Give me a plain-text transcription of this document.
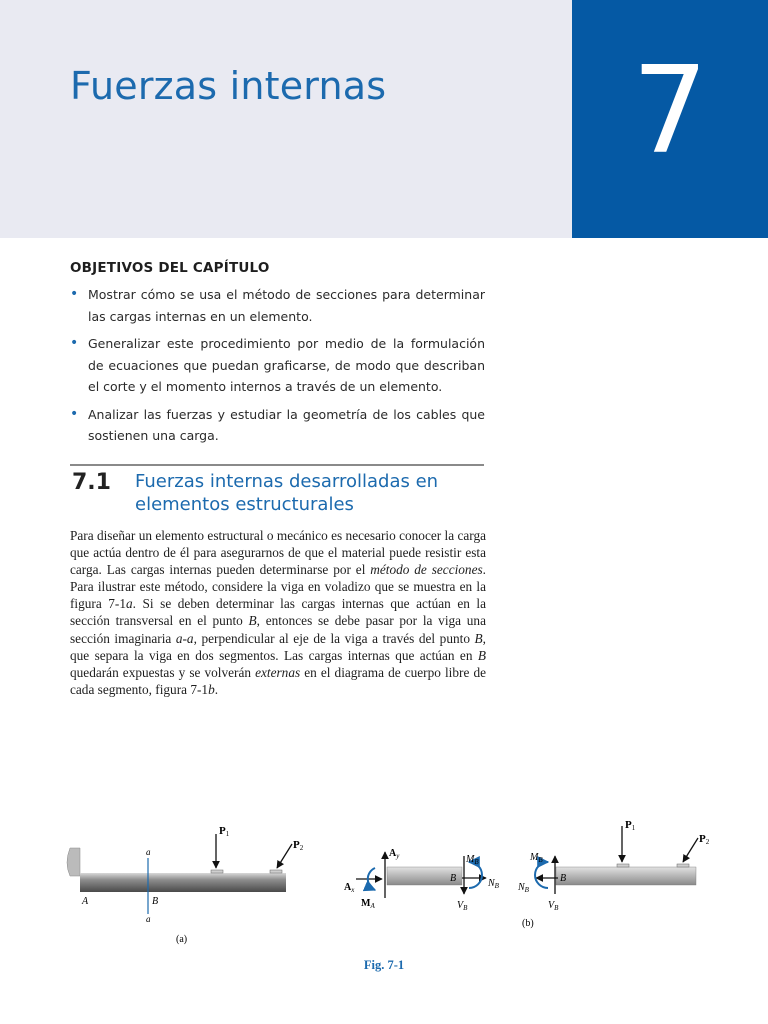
Fuerzas internas	7
OBJETIVOS DEL CAPÍTULO
• Mostrar cómo se usa el método de secciones para determinar las cargas internas en un elemento.
• Generalizar este procedimiento por medio de la formulación de ecuaciones que puedan graficarse, de modo que describan el corte y el momento internos a través de un elemento.
• Analizar las fuerzas y estudiar la geometría de los cables que sostienen una carga.
7.1 Fuerzas internas desarrolladas en elementos estructurales

Para diseñar un elemento estructural o mecánico es necesario conocer la carga que actúa dentro de él para asegurarnos de que el material puede resistir esta carga. Las cargas internas pueden determinarse por el método de secciones. Para ilustrar este método, considere la viga en voladizo que se muestra en la figura 7-1a. Si se deben determinar las cargas internas que actúan en la sección transversal en el punto B, entonces se debe pasar por la viga una sección imaginaria a-a, perpendicular al eje de la viga a través del punto B, que separa la viga en dos segmentos. Las cargas internas que actúan en B quedarán expuestas y se volverán externas en el diagrama de cuerpo libre de cada segmento, figura 7-1b.

P1
P2
a
a
A	B
(a)
$A_y$
$A_x$
$M_A$
$M_B$
B	$N_B$
$V_B$
P1
P2
$M_B$
B
$N_B$
$V_B$
(b)
Fig. 7-1
